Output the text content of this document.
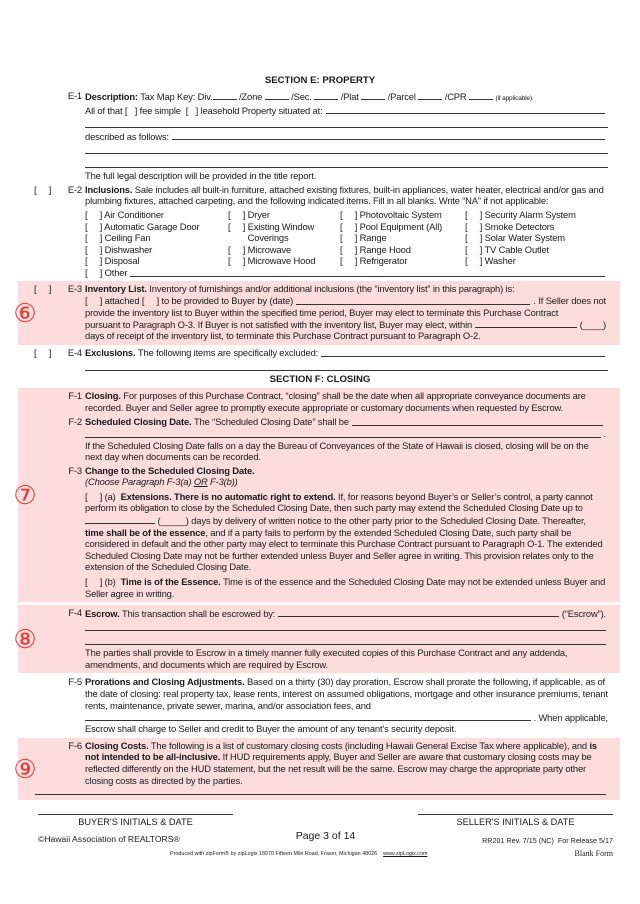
SECTION E: PROPERTY
E-1 Description: Tax Map Key: Div.	/Zone	/Sec.	/Plat	/Parcel	/CPR	(if applicable).
All of that [
] fee simple
[
] leasehold Property situated at:
described as follows:
The full legal description will be provided in the title report.
[     ]	E-2 Inclusions. Sale includes all built-in furniture, attached existing fixtures, built-in appliances, water heater, electrical and/or gas and plumbing fixtures, attached carpeting, and the following indicated items. Fill in all blanks. Write “NA” if not applicable:
[     ] Air Conditioner	[     ] Dryer	[     ] Photovoltaic System	[     ] Security Alarm System
[     ] Automatic Garage Door	[     ] Existing Window	[     ] Pool Equipment (All)	[     ] Smoke Detectors
[     ] Ceiling Fan	Coverings	[     ] Range	[     ] Solar Water System
[     ] Dishwasher	[     ] Microwave	[     ] Range Hood	[     ] TV Cable Outlet
[     ] Disposal	[     ] Microwave Hood	[     ] Refrigerator	[     ] Washer
[     ] Other
⑥
[     ]	E-3 Inventory List. Inventory of furnishings and/or additional inclusions (the “inventory list” in this paragraph) is:
[     ] attached [     ] to be provided to Buyer by (date)	. If Seller does not
provide the inventory list to Buyer within the specified time period, Buyer may elect to terminate this Purchase Contract
pursuant to Paragraph O-3. If Buyer is not satisfied with the inventory list, Buyer may elect, within	(____)
days of receipt of the inventory list, to terminate this Purchase Contract pursuant to Paragraph O-2.
[     ]	E-4 Exclusions.
The following items are specifically excluded:
SECTION F: CLOSING
⑦
F-1 Closing. For purposes of this Purchase Contract, “closing” shall be the date when all appropriate conveyance documents are recorded. Buyer and Seller agree to promptly execute appropriate or customary documents when requested by Escrow.
F-2 Scheduled Closing Date.
The “Scheduled Closing Date” shall be
.
If the Scheduled Closing Date falls on a day the Bureau of Conveyances of the State of Hawaii is closed, closing will be on the next day when documents can be recorded.
F-3 Change to the Scheduled Closing Date.
(Choose Paragraph F-3(a) OR F-3(b))
[     ] (a) Extensions. There is no automatic right to extend. If, for reasons beyond Buyer’s or Seller’s control, a party cannot perform its obligation to close by the Scheduled Closing Date, then such party may extend the Scheduled Closing Date up to  (_____) days by delivery of written notice to the other party prior to the Scheduled Closing Date. Thereafter, time shall be of the essence, and if a party fails to perform by the extended Scheduled Closing Date, such party shall be considered in default and the other party may elect to terminate this Purchase Contract pursuant to Paragraph O-1. The extended Scheduled Closing Date may not be further extended unless Buyer and Seller agree in writing. This provision relates only to the extension of the Scheduled Closing Date.
[     ] (b) Time is of the Essence. Time is of the essence and the Scheduled Closing Date may not be extended unless Buyer and Seller agree in writing.
⑧
F-4 Escrow.
This transaction shall be escrowed by:	(“Escrow”).
The parties shall provide to Escrow in a timely manner fully executed copies of this Purchase Contract and any addenda, amendments, and documents which are required by Escrow.
F-5 Prorations and Closing Adjustments. Based on a thirty (30) day proration, Escrow shall prorate the following, if applicable, as of the date of closing: real property tax, lease rents, interest on assumed obligations, mortgage and other insurance premiums, tenant rents, maintenance, private sewer, marina, and/or association fees, and
. When applicable,
Escrow shall charge to Seller and credit to Buyer the amount of any tenant’s security deposit.
⑨
F-6 Closing Costs. The following is a list of customary closing costs (including Hawaii General Excise Tax where applicable), and is not intended to be all-inclusive. If HUD requirements apply, Buyer and Seller are aware that customary closing costs may be reflected differently on the HUD statement, but the net result will be the same. Escrow may charge the appropriate party other closing costs as directed by the parties.
BUYER'S INITIALS & DATE	SELLER'S INITIALS & DATE
©Hawaii Association of REALTORS®	Page 3 of 14	RR201 Rev. 7/15 (NC)  For Release 5/17
Produced with zipForm® by zipLogix 18070 Fifteen Mile Road, Fraser, Michigan 48026 www.zipLogix.com	Blank Form
